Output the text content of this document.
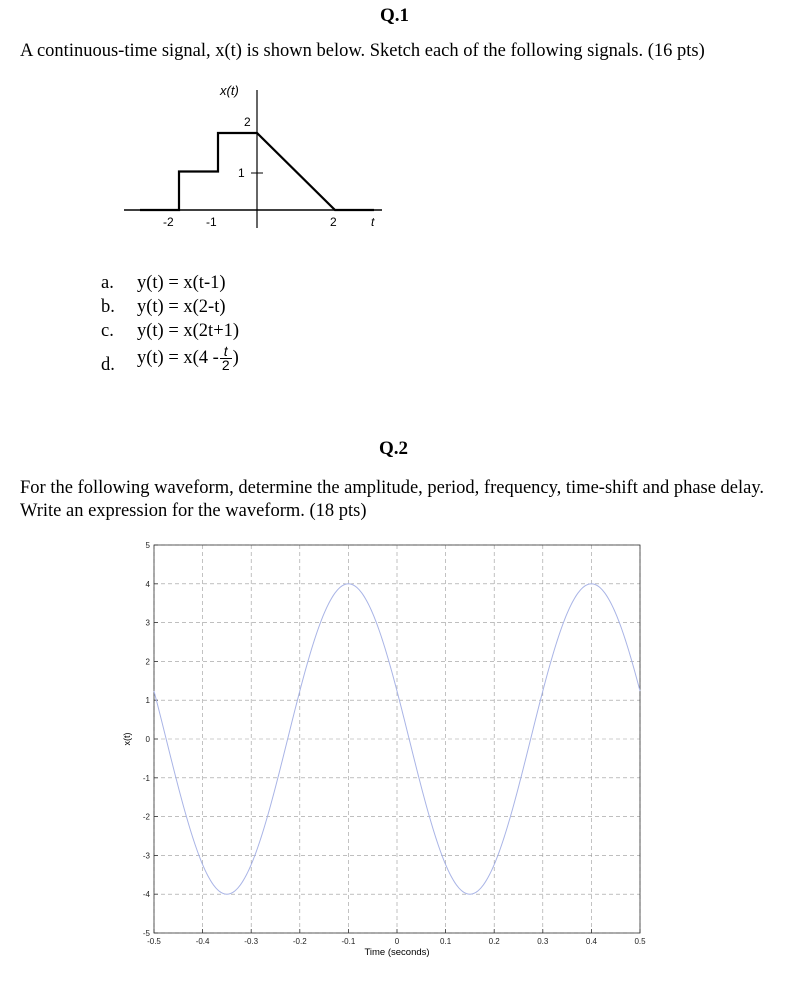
Q.1
A continuous-time signal, x(t) is shown below. Sketch each of the following signals. (16 pts)
x(t)
t
-2	-1	2
1
2
a. y(t) = x(t-1)
b. y(t) = x(2-t)
c. y(t) = x(2t+1)
d. $y(t) = x(4 - \frac{t}{2}$ )
Q.2
For the following waveform, determine the amplitude, period, frequency, time-shift and phase delay. Write an expression for the waveform. (18 pts)
-0.5	-0.4	-0.3	-0.2	-0.1	0	0.1	0.2	0.3	0.4	0.5
-5
-4
-3
-2
-1
0
1
2
3
4
5
Time (seconds)
x(t)
